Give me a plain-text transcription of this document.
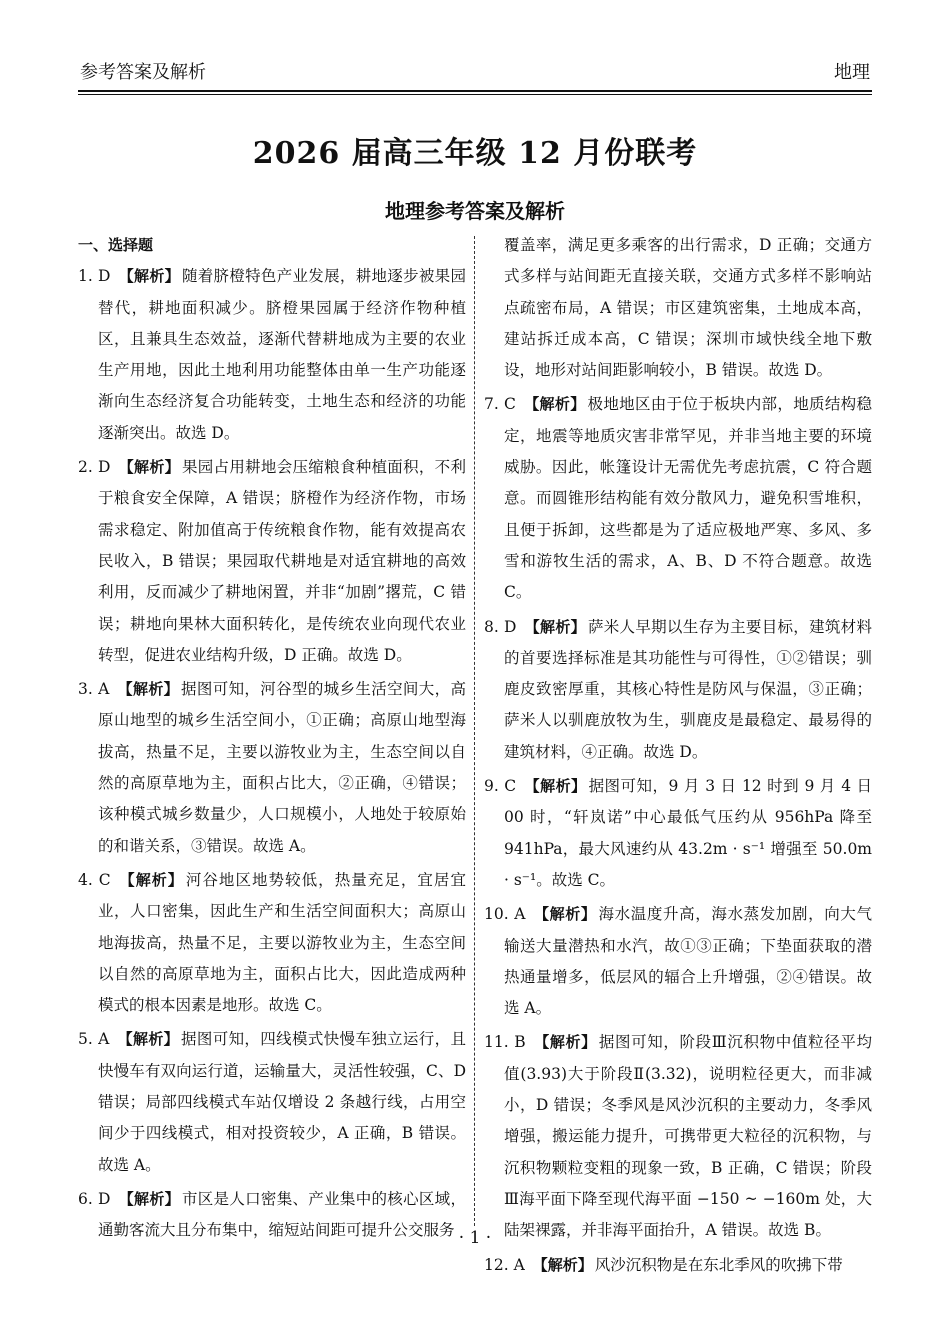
参考答案及解析	地理
2026 届高三年级 12 月份联考
地理参考答案及解析
一、选择题

1. D 【解析】 随着脐橙特色产业发展，耕地逐步被果园替代，耕地面积减少。脐橙果园属于经济作物种植区，且兼具生态效益，逐渐代替耕地成为主要的农业生产用地，因此土地利用功能整体由单一生产功能逐渐向生态经济复合功能转变，土地生态和经济的功能逐渐突出。故选 D。

2. D 【解析】 果园占用耕地会压缩粮食种植面积，不利于粮食安全保障，A 错误；脐橙作为经济作物，市场需求稳定、附加值高于传统粮食作物，能有效提高农民收入，B 错误；果园取代耕地是对适宜耕地的高效利用，反而减少了耕地闲置，并非“加剧”撂荒，C 错误；耕地向果林大面积转化，是传统农业向现代农业转型，促进农业结构升级，D 正确。故选 D。

3. A 【解析】 据图可知，河谷型的城乡生活空间大，高原山地型的城乡生活空间小，①正确；高原山地型海拔高，热量不足，主要以游牧业为主，生态空间以自然的高原草地为主，面积占比大，②正确，④错误；该种模式城乡数量少，人口规模小，人地处于较原始的和谐关系，③错误。故选 A。

4. C 【解析】 河谷地区地势较低，热量充足，宜居宜业，人口密集，因此生产和生活空间面积大；高原山地海拔高，热量不足，主要以游牧业为主，生态空间以自然的高原草地为主，面积占比大，因此造成两种模式的根本因素是地形。故选 C。

5. A 【解析】 据图可知，四线模式快慢车独立运行，且快慢车有双向运行道，运输量大，灵活性较强，C、D 错误；局部四线模式车站仅增设 2 条越行线，占用空间少于四线模式，相对投资较少，A 正确，B 错误。故选 A。

6. D 【解析】 市区是人口密集、产业集中的核心区域，通勤客流大且分布集中，缩短站间距可提升公交服务

覆盖率，满足更多乘客的出行需求，D 正确；交通方式多样与站间距无直接关联，交通方式多样不影响站点疏密布局，A 错误；市区建筑密集，土地成本高，建站拆迁成本高，C 错误；深圳市域快线全地下敷设，地形对站间距影响较小，B 错误。故选 D。

7. C 【解析】 极地地区由于位于板块内部，地质结构稳定，地震等地质灾害非常罕见，并非当地主要的环境威胁。因此，帐篷设计无需优先考虑抗震，C 符合题意。而圆锥形结构能有效分散风力，避免积雪堆积，且便于拆卸，这些都是为了适应极地严寒、多风、多雪和游牧生活的需求，A、B、D 不符合题意。故选 C。

8. D 【解析】 萨米人早期以生存为主要目标，建筑材料的首要选择标准是其功能性与可得性，①②错误；驯鹿皮致密厚重，其核心特性是防风与保温，③正确；萨米人以驯鹿放牧为生，驯鹿皮是最稳定、最易得的建筑材料，④正确。故选 D。

9. C 【解析】 据图可知，9 月 3 日 12 时到 9 月 4 日 00 时，“轩岚诺”中心最低气压约从 956hPa 降至 941hPa，最大风速约从 43.2m · s⁻¹ 增强至 50.0m · s⁻¹。故选 C。

10. A 【解析】 海水温度升高，海水蒸发加剧，向大气输送大量潜热和水汽，故①③正确；下垫面获取的潜热通量增多，低层风的辐合上升增强，②④错误。故选 A。

11. B 【解析】 据图可知，阶段Ⅲ沉积物中值粒径平均值(3.93)大于阶段Ⅱ(3.32)，说明粒径更大，而非减小，D 错误；冬季风是风沙沉积的主要动力，冬季风增强，搬运能力提升，可携带更大粒径的沉积物，与沉积物颗粒变粗的现象一致，B 正确，C 错误；阶段Ⅲ海平面下降至现代海平面 −150 ~ −160m 处，大陆架裸露，并非海平面抬升，A 错误。故选 B。

12. A 【解析】 风沙沉积物是在东北季风的吹拂下带

· 1 ·
